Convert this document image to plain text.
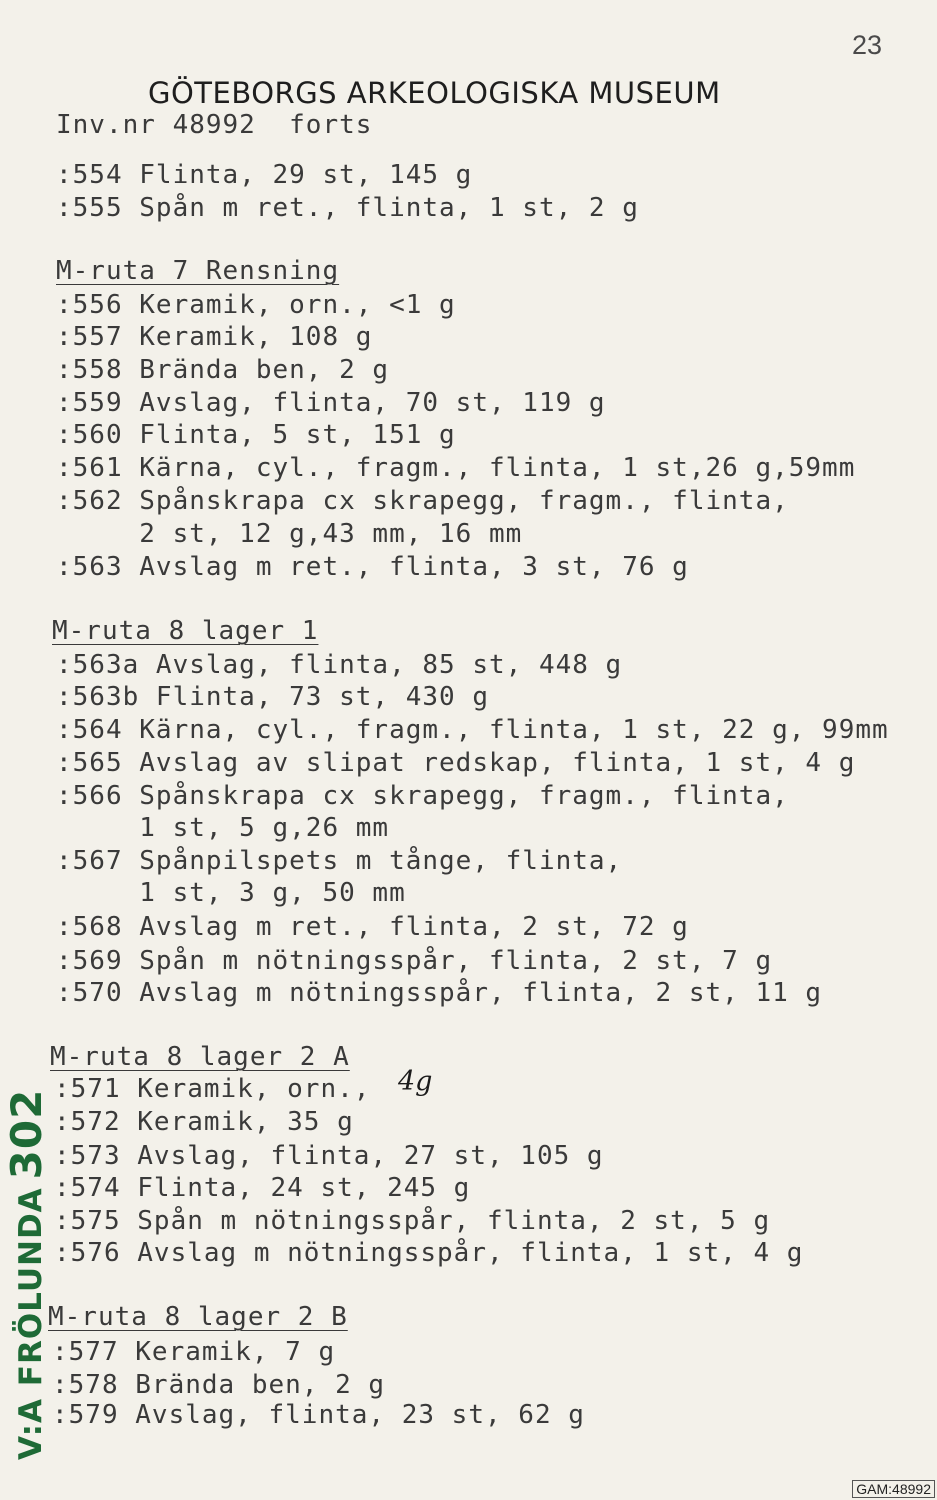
23
GÖTEBORGS ARKEOLOGISKA MUSEUM
Inv.nr 48992  forts
:554 Flinta, 29 st, 145 g
:555 Spån m ret., flinta, 1 st, 2 g
M-ruta 7 Rensning
:556 Keramik, orn., <1 g
:557 Keramik, 108 g
:558 Brända ben, 2 g
:559 Avslag, flinta, 70 st, 119 g
:560 Flinta, 5 st, 151 g
:561 Kärna, cyl., fragm., flinta, 1 st,26 g,59mm
:562 Spånskrapa cx skrapegg, fragm., flinta,
2 st, 12 g,43 mm, 16 mm
:563 Avslag m ret., flinta, 3 st, 76 g
M-ruta 8 lager 1
:563a Avslag, flinta, 85 st, 448 g
:563b Flinta, 73 st, 430 g
:564 Kärna, cyl., fragm., flinta, 1 st, 22 g, 99mm
:565 Avslag av slipat redskap, flinta, 1 st, 4 g
:566 Spånskrapa cx skrapegg, fragm., flinta,
1 st, 5 g,26 mm
:567 Spånpilspets m tånge, flinta,
1 st, 3 g, 50 mm
:568 Avslag m ret., flinta, 2 st, 72 g
:569 Spån m nötningsspår, flinta, 2 st, 7 g
:570 Avslag m nötningsspår, flinta, 2 st, 11 g
M-ruta 8 lager 2 A
:571 Keramik, orn., 4g
:572 Keramik, 35 g
:573 Avslag, flinta, 27 st, 105 g
:574 Flinta, 24 st, 245 g
:575 Spån m nötningsspår, flinta, 2 st, 5 g
:576 Avslag m nötningsspår, flinta, 1 st, 4 g
M-ruta 8 lager 2 B
:577 Keramik, 7 g
:578 Brända ben, 2 g
:579 Avslag, flinta, 23 st, 62 g
V:A FRÖLUNDA302
GAM:48992
